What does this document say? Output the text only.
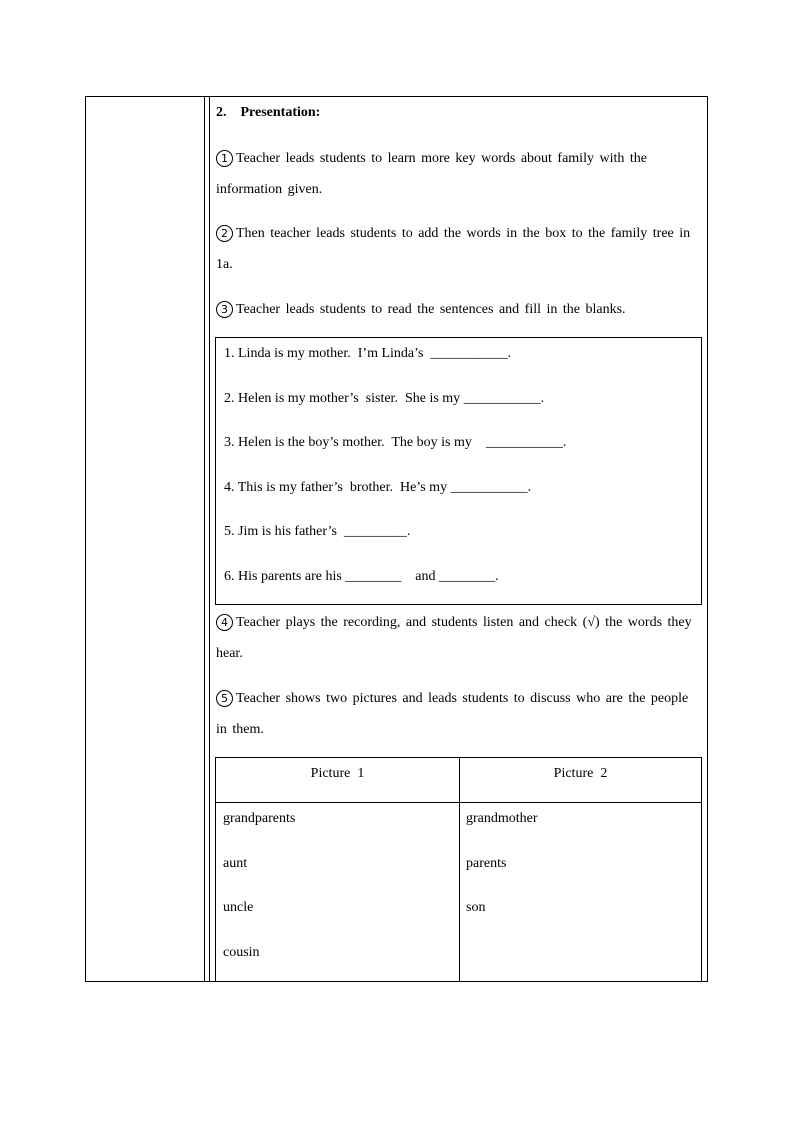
2.    Presentation:
1 Teacher leads students to learn more key words about family with the information given.
2 Then teacher leads students to add the words in the box to the family tree in 1a.
3 Teacher leads students to read the sentences and fill in the blanks.
1. Linda is my mother.  I’m Linda’s  ___________.
2. Helen is my mother’s  sister.  She is my ___________.
3. Helen is the boy’s mother.  The boy is my    ___________.
4. This is my father’s  brother.  He’s my ___________.
5. Jim is his father’s  _________.
6. His parents are his ________    and ________.
4 Teacher plays the recording, and students listen and check (√) the words they hear.
5 Teacher shows two pictures and leads students to discuss who are the people in them.
Picture  1	Picture  2
grandparents
aunt
uncle
cousin
grandmother
parents
son
